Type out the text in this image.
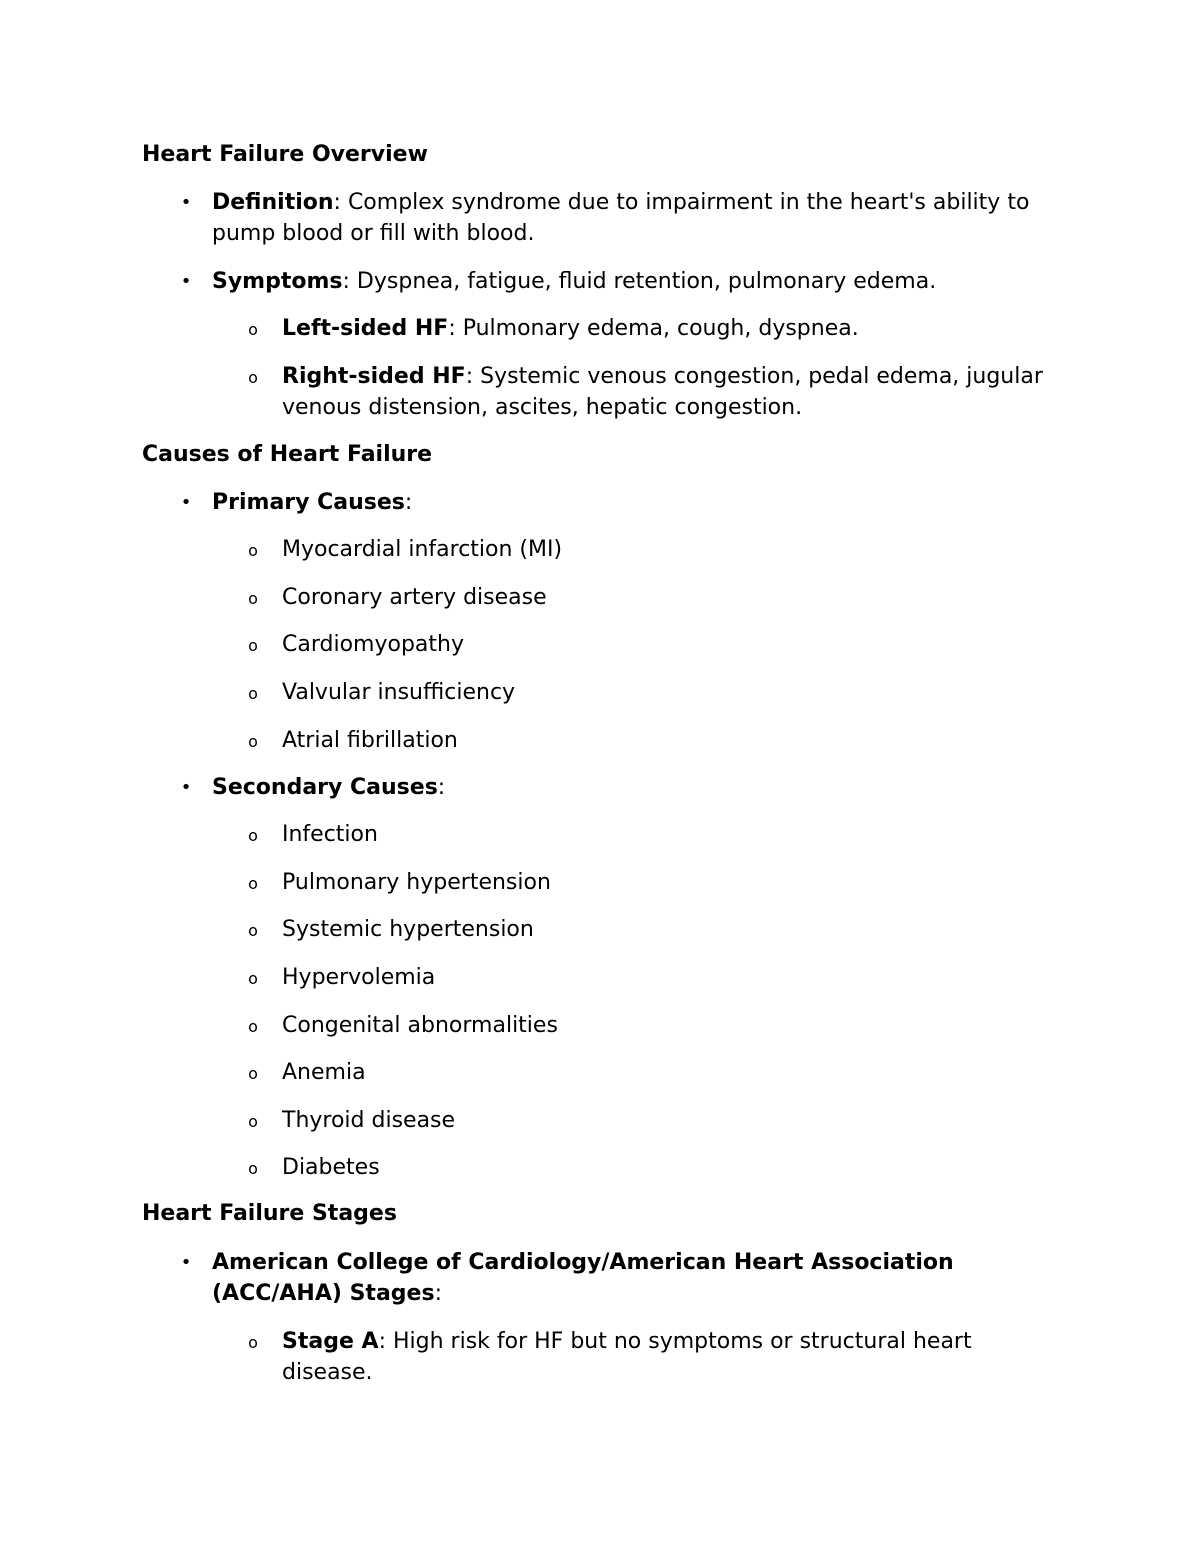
Heart Failure Overview
• Definition: Complex syndrome due to impairment in the heart's ability to pump blood or fill with blood.
• Symptoms: Dyspnea, fatigue, fluid retention, pulmonary edema.
o Left-sided HF: Pulmonary edema, cough, dyspnea.
o Right-sided HF: Systemic venous congestion, pedal edema, jugular venous distension, ascites, hepatic congestion.
Causes of Heart Failure
• Primary Causes:
o Myocardial infarction (MI)
o Coronary artery disease
o Cardiomyopathy
o Valvular insufficiency
o Atrial fibrillation
• Secondary Causes:
o Infection
o Pulmonary hypertension
o Systemic hypertension
o Hypervolemia
o Congenital abnormalities
o Anemia
o Thyroid disease
o Diabetes
Heart Failure Stages
• American College of Cardiology/American Heart Association (ACC/AHA) Stages:
o Stage A: High risk for HF but no symptoms or structural heart disease.
